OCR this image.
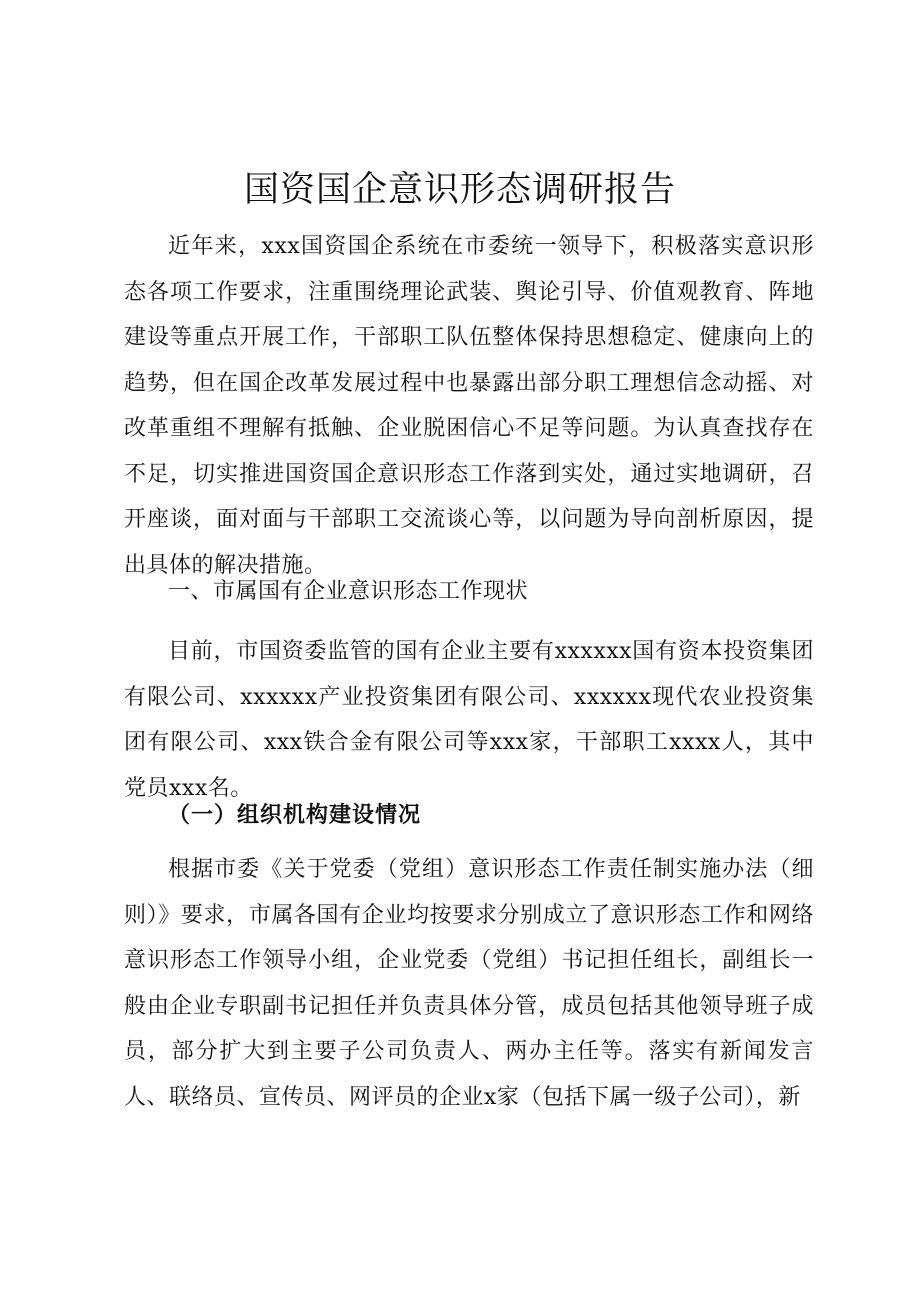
国资国企意识形态调研报告

近年来，xxx国资国企系统在市委统一领导下，积极落实意识形态各项工作要求，注重围绕理论武装、舆论引导、价值观教育、阵地建设等重点开展工作，干部职工队伍整体保持思想稳定、健康向上的趋势，但在国企改革发展过程中也暴露出部分职工理想信念动摇、对改革重组不理解有抵触、企业脱困信心不足等问题。为认真查找存在不足，切实推进国资国企意识形态工作落到实处，通过实地调研，召开座谈，面对面与干部职工交流谈心等，以问题为导向剖析原因，提出具体的解决措施。

一、市属国有企业意识形态工作现状

目前，市国资委监管的国有企业主要有xxxxxx国有资本投资集团有限公司、xxxxxx产业投资集团有限公司、xxxxxx现代农业投资集团有限公司、xxx铁合金有限公司等xxx家，干部职工xxxx人，其中党员xxx名。

（一）组织机构建设情况

根据市委《关于党委（党组）意识形态工作责任制实施办法（细则）》要求，市属各国有企业均按要求分别成立了意识形态工作和网络意识形态工作领导小组，企业党委（党组）书记担任组长，副组长一般由企业专职副书记担任并负责具体分管，成员包括其他领导班子成员，部分扩大到主要子公司负责人、两办主任等。落实有新闻发言人、联络员、宣传员、网评员的企业x家（包括下属一级子公司），新
